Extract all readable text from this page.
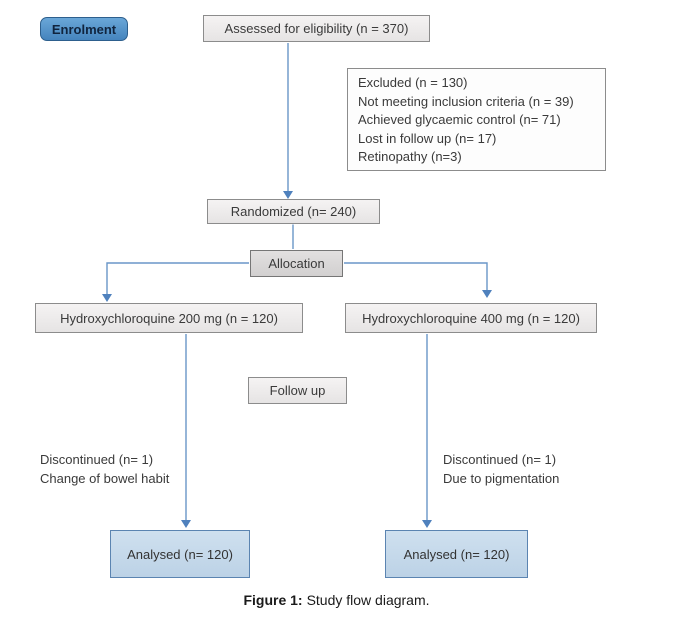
Enrolment	Assessed for eligibility (n = 370)
Excluded (n = 130)
Not meeting inclusion criteria (n = 39)
Achieved glycaemic control (n= 71)
Lost in follow up (n= 17)
Retinopathy (n=3)
Randomized (n= 240)
Allocation
Hydroxychloroquine 200 mg (n = 120)	Hydroxychloroquine 400 mg (n = 120)
Follow up
Discontinued (n= 1)
Change of bowel habit
Discontinued (n= 1)
Due to pigmentation
Analysed (n= 120)	Analysed (n= 120)
Figure 1: Study flow diagram.
